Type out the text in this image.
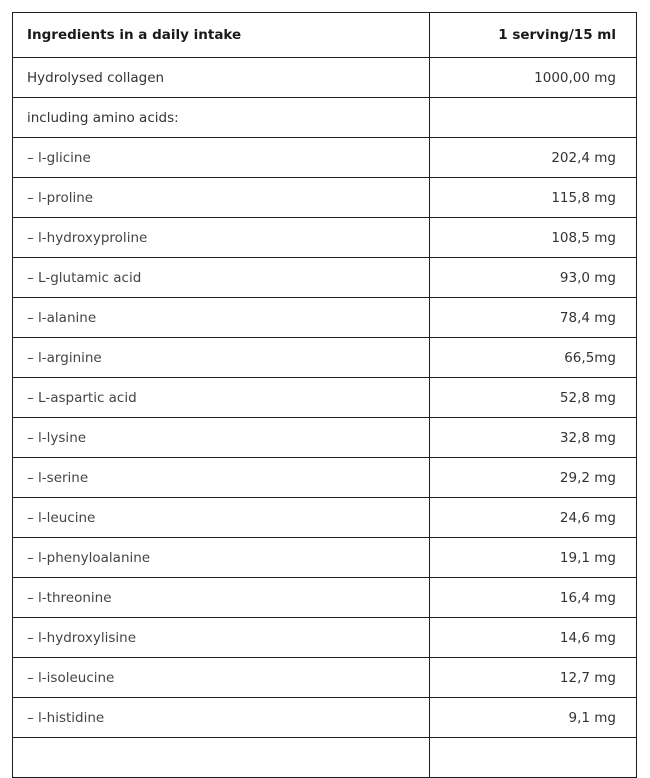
Ingredients in a daily intake	1 serving/15 ml
Hydrolysed collagen	1000,00 mg
including amino acids:	
– l-glicine	202,4 mg
– l-proline	115,8 mg
– l-hydroxyproline	108,5 mg
– L-glutamic acid	93,0 mg
– l-alanine	78,4 mg
– l-arginine	66,5mg
– L-aspartic acid	52,8 mg
– l-lysine	32,8 mg
– l-serine	29,2 mg
– l-leucine	24,6 mg
– l-phenyloalanine	19,1 mg
– l-threonine	16,4 mg
– l-hydroxylisine	14,6 mg
– l-isoleucine	12,7 mg
– l-histidine	9,1 mg
